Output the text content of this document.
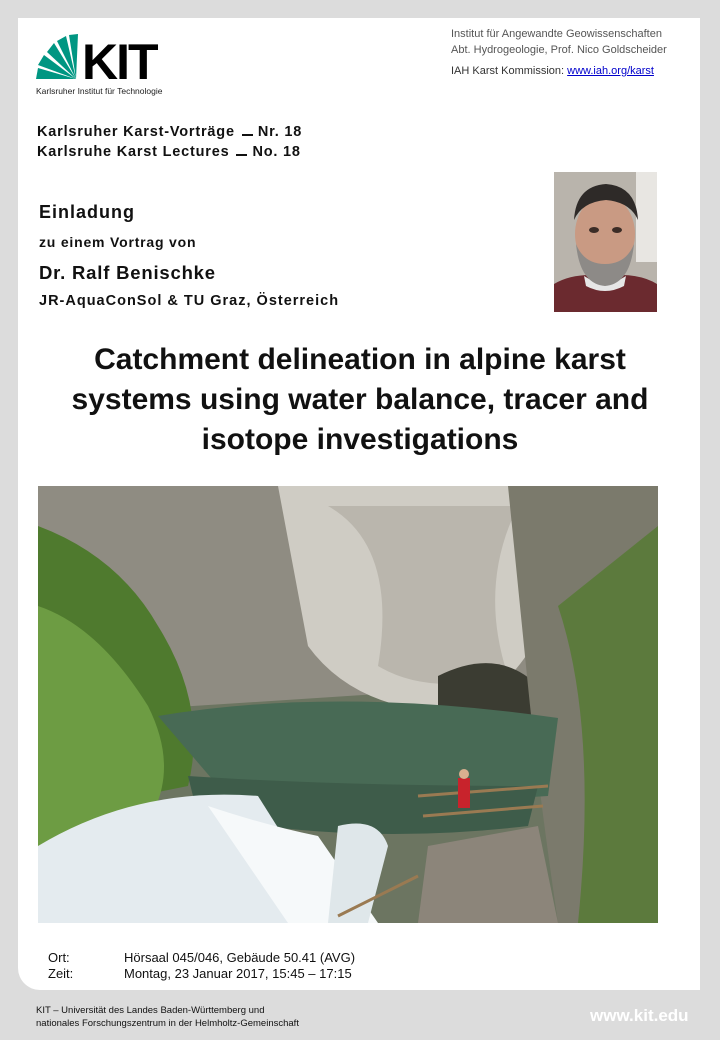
KIT
Karlsruher Institut für Technologie
Institut für Angewandte Geowissenschaften
Abt. Hydrogeologie, Prof. Nico Goldscheider
IAH Karst Kommission: www.iah.org/karst
Karlsruher Karst-Vorträge Nr. 18
Karlsruhe Karst Lectures No. 18
Einladung
zu einem Vortrag von
Dr. Ralf Benischke
JR-AquaConSol & TU Graz, Österreich
Catchment delineation in alpine karst systems using water balance, tracer and isotope investigations
Ort:	Hörsaal 045/046, Gebäude 50.41 (AVG)
Zeit:	Montag, 23 Januar 2017, 15:45 – 17:15
KIT – Universität des Landes Baden-Württemberg und
nationales Forschungszentrum in der Helmholtz-Gemeinschaft	www.kit.edu
